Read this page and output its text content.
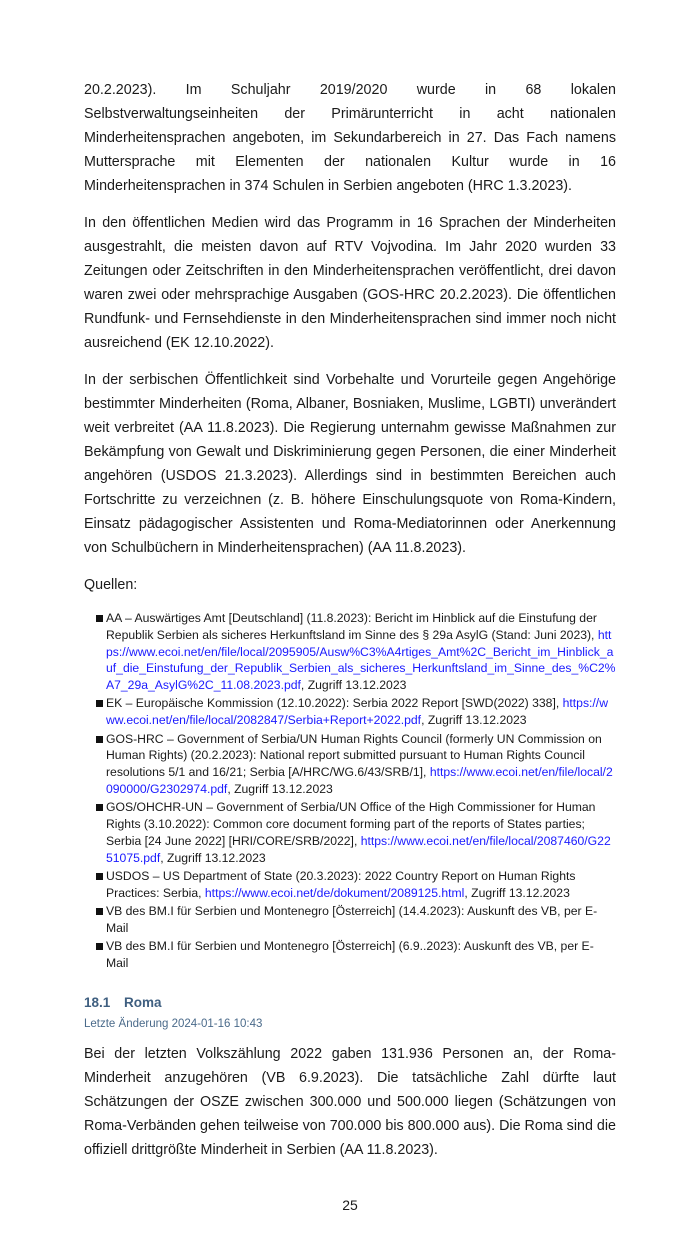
20.2.2023). Im Schuljahr 2019/2020 wurde in 68 lokalen Selbstverwaltungseinheiten der Primärunterricht in acht nationalen Minderheitensprachen angeboten, im Sekundarbereich in 27. Das Fach namens Muttersprache mit Elementen der nationalen Kultur wurde in 16 Minderheitensprachen in 374 Schulen in Serbien angeboten (HRC 1.3.2023).

In den öffentlichen Medien wird das Programm in 16 Sprachen der Minderheiten ausgestrahlt, die meisten davon auf RTV Vojvodina. Im Jahr 2020 wurden 33 Zeitungen oder Zeitschriften in den Minderheitensprachen veröffentlicht, drei davon waren zwei oder mehrsprachige Ausgaben (GOS-HRC 20.2.2023). Die öffentlichen Rundfunk- und Fernsehdienste in den Minderheitensprachen sind immer noch nicht ausreichend (EK 12.10.2022).

In der serbischen Öffentlichkeit sind Vorbehalte und Vorurteile gegen Angehörige bestimmter Minderheiten (Roma, Albaner, Bosniaken, Muslime, LGBTI) unverändert weit verbreitet (AA 11.8.2023). Die Regierung unternahm gewisse Maßnahmen zur Bekämpfung von Gewalt und Diskriminierung gegen Personen, die einer Minderheit angehören (USDOS 21.3.2023). Allerdings sind in bestimmten Bereichen auch Fortschritte zu verzeichnen (z. B. höhere Einschulungsquote von Roma-Kindern, Einsatz pädagogischer Assistenten und Roma-Mediatorinnen oder Anerkennung von Schulbüchern in Minderheitensprachen) (AA 11.8.2023).

Quellen:

AA – Auswärtiges Amt [Deutschland] (11.8.2023): Bericht im Hinblick auf die Einstufung der Republik Serbien als sicheres Herkunftsland im Sinne des § 29a AsylG (Stand: Juni 2023), https://www.ecoi.net/en/file/local/2095905/Ausw%C3%A4rtiges_Amt%2C_Bericht_im_Hinblick_auf_die_Einstufung_der_Republik_Serbien_als_sicheres_Herkunftsland_im_Sinne_des_%C2%A7_29a_AsylG%2C_11.08.2023.pdf, Zugriff 13.12.2023
EK – Europäische Kommission (12.10.2022): Serbia 2022 Report [SWD(2022) 338], https://www.ecoi.net/en/file/local/2082847/Serbia+Report+2022.pdf, Zugriff 13.12.2023
GOS-HRC – Government of Serbia/UN Human Rights Council (formerly UN Commission on Human Rights) (20.2.2023): National report submitted pursuant to Human Rights Council resolutions 5/1 and 16/21; Serbia [A/HRC/WG.6/43/SRB/1], https://www.ecoi.net/en/file/local/2090000/G2302974.pdf, Zugriff 13.12.2023
GOS/OHCHR-UN – Government of Serbia/UN Office of the High Commissioner for Human Rights (3.10.2022): Common core document forming part of the reports of States parties; Serbia [24 June 2022] [HRI/CORE/SRB/2022], https://www.ecoi.net/en/file/local/2087460/G2251075.pdf, Zugriff 13.12.2023
USDOS – US Department of State (20.3.2023): 2022 Country Report on Human Rights Practices: Serbia, https://www.ecoi.net/de/dokument/2089125.html, Zugriff 13.12.2023
VB des BM.I für Serbien und Montenegro [Österreich] (14.4.2023): Auskunft des VB, per E-Mail
VB des BM.I für Serbien und Montenegro [Österreich] (6.9..2023): Auskunft des VB, per E-Mail
18.1 Roma
Letzte Änderung 2024-01-16 10:43

Bei der letzten Volkszählung 2022 gaben 131.936 Personen an, der Roma-Minderheit anzugehören (VB 6.9.2023). Die tatsächliche Zahl dürfte laut Schätzungen der OSZE zwischen 300.000 und 500.000 liegen (Schätzungen von Roma-Verbänden gehen teilweise von 700.000 bis 800.000 aus). Die Roma sind die offiziell drittgrößte Minderheit in Serbien (AA 11.8.2023).

25
